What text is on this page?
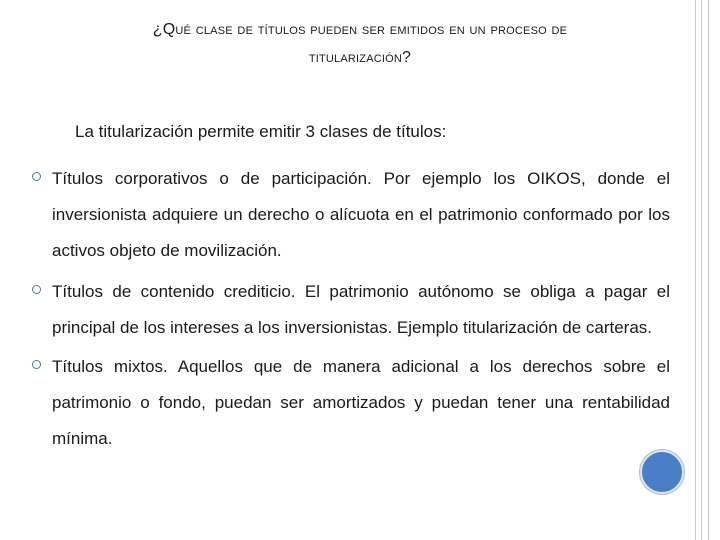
¿Qué clase de títulos pueden ser emitidos en un proceso de
titularización?
La titularización permite emitir 3 clases de títulos:
Títulos corporativos o de participación. Por ejemplo los OIKOS, donde el inversionista adquiere un derecho o alícuota en el patrimonio conformado por los activos objeto de movilización.
Títulos de contenido crediticio. El patrimonio autónomo se obliga a pagar el principal de los intereses a los inversionistas. Ejemplo titularización de carteras.
Títulos mixtos. Aquellos que de manera adicional a los derechos sobre el patrimonio o fondo, puedan ser amortizados y puedan tener una rentabilidad mínima.
